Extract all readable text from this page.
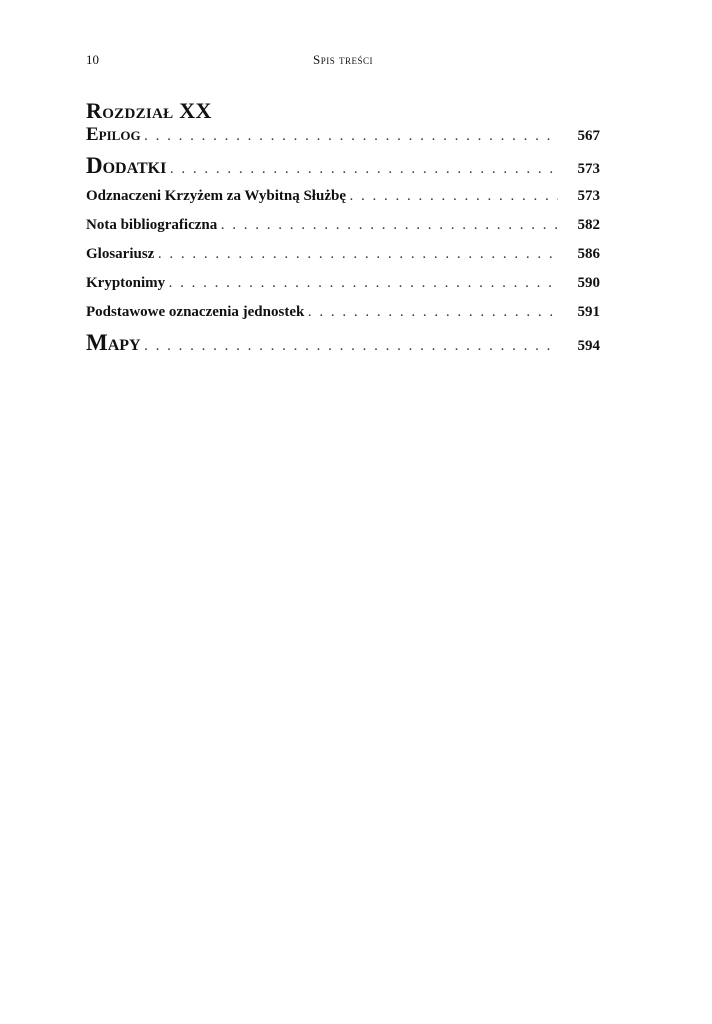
10	Spis treści
Rozdział XX
Epilog . . .	567
Dodatki . . .	573
Odznaczeni Krzyżem za Wybitną Służbę . . .	573
Nota bibliograficzna . . .	582
Glosariusz . . .	586
Kryptonimy . . .	590
Podstawowe oznaczenia jednostek . . .	591
Mapy . . .	594
